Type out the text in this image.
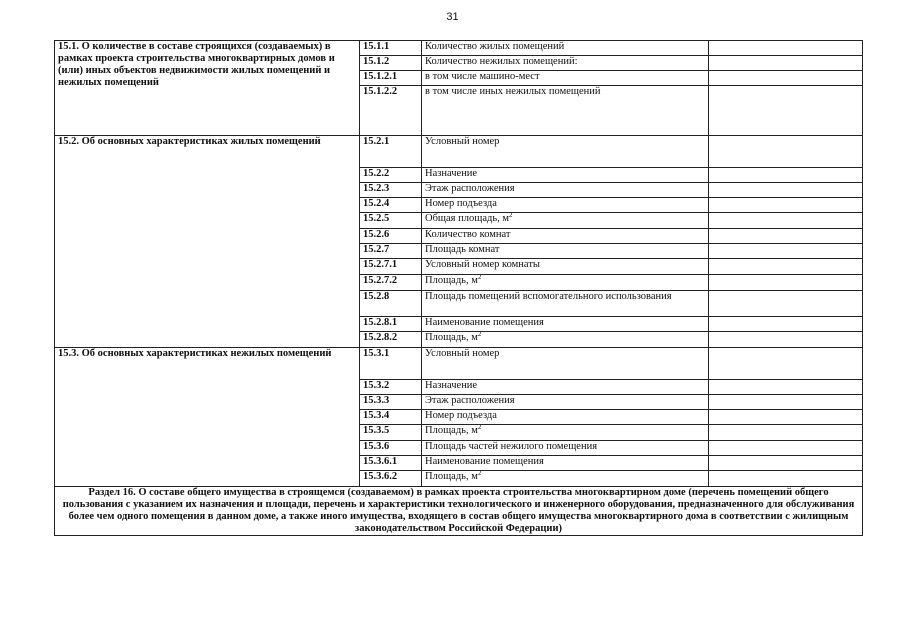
31
15.1. О количестве в составе строящихся (создаваемых) в рамках проекта строительства многоквартирных домов и (или) иных объектов недвижимости жилых помещений и нежилых помещений	15.1.1	Количество жилых помещений	
	15.1.2	Количество нежилых помещений:	
	15.1.2.1	в том числе машино-мест	
	15.1.2.2	в том числе иных нежилых помещений	
15.2. Об основных характеристиках жилых помещений	15.2.1	Условный номер	
	15.2.2	Назначение	
	15.2.3	Этаж расположения	
	15.2.4	Номер подъезда	
	15.2.5	Общая площадь, $м^2$	
	15.2.6	Количество комнат	
	15.2.7	Площадь комнат	
	15.2.7.1	Условный номер комнаты	
	15.2.7.2	Площадь, $м^2$	
	15.2.8	Площадь помещений вспомогательного использования	
	15.2.8.1	Наименование помещения	
	15.2.8.2	Площадь, $м^2$	
15.3. Об основных характеристиках нежилых помещений	15.3.1	Условный номер	
	15.3.2	Назначение	
	15.3.3	Этаж расположения	
	15.3.4	Номер подъезда	
	15.3.5	Площадь, $м^2$	
	15.3.6	Площадь частей нежилого помещения	
	15.3.6.1	Наименование помещения	
	15.3.6.2	Площадь, $м^2$	
Раздел 16. О составе общего имущества в строящемся (создаваемом) в рамках проекта строительства многоквартирном доме (перечень помещений общего пользования с указанием их назначения и площади, перечень и характеристики технологического и инженерного оборудования, предназначенного для обслуживания более чем одного помещения в данном доме, а также иного имущества, входящего в состав общего имущества многоквартирного дома в соответствии с жилищным законодательством Российской Федерации)			
